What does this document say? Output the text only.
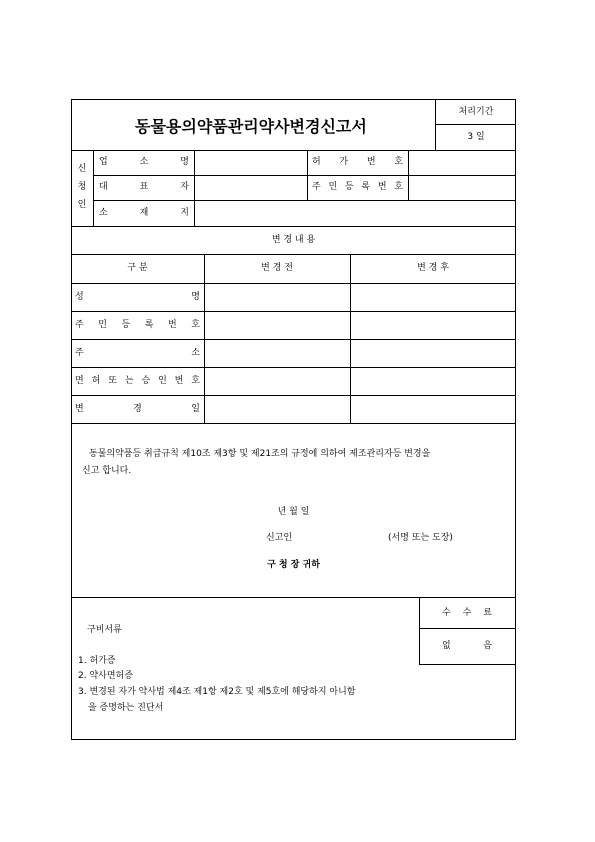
동물용의약품관리약사변경신고서
처리기간
3 일
신
청
인
업 소 명	허 가 번 호
대 표 자	주 민 등 록 번 호
소 재 지
변 경 내 용
구 분	변 경 전	변 경 후
성 명
주 민 등 록 번 호
주 소
면 허 또 는 승 인 번 호
변 경 일
동물의약품등 취급규칙 제10조 제3항 및 제21조의 규정에 의하여 제조관리자등 변경을
신고 합니다.
년 월 일
신고인	(서명 또는 도장)
구 청 장 귀하
수 수 료
없 음
구비서류
1. 허가증
2. 약사면허증
3. 변경된 자가 약사법 제4조 제1항 제2호 및 제5호에 해당하지 아니함
을 증명하는 진단서
